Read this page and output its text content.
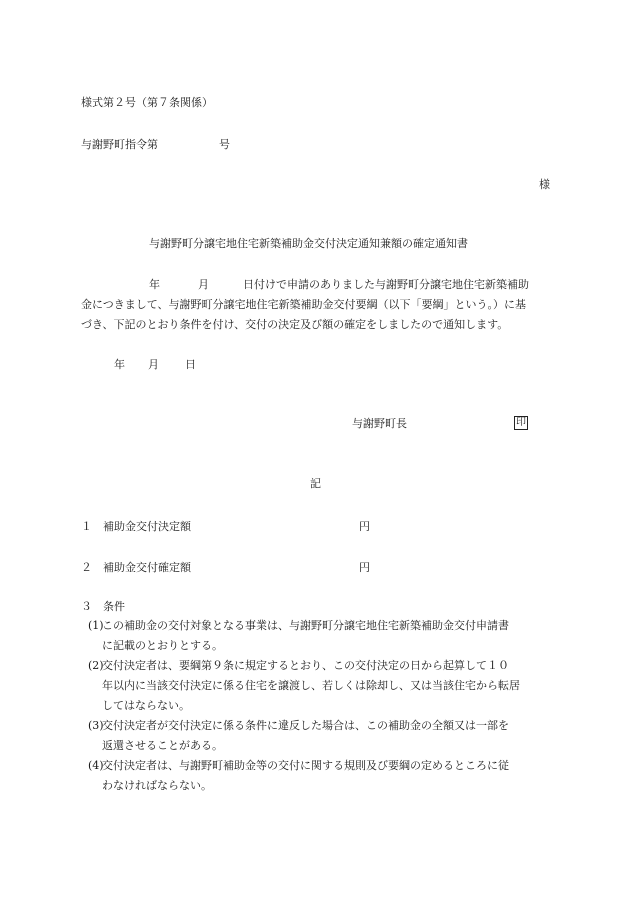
様式第２号（第７条関係）
与謝野町指令第	号
様
与謝野町分譲宅地住宅新築補助金交付決定通知兼額の確定通知書
年	月	日付けで申請のありました与謝野町分譲宅地住宅新築補助
金につきまして、与謝野町分譲宅地住宅新築補助金交付要綱（以下「要綱」という。）に基
づき、下記のとおり条件を付け、交付の決定及び額の確定をしましたので通知します。
年 月 日
与謝野町長	印
記
１ 補助金交付決定額	円
２ 補助金交付確定額	円
３ 条件
(1)
この補助金の交付対象となる事業は、与謝野町分譲宅地住宅新築補助金交付申請書
に記載のとおりとする。
(2)
交付決定者は、要綱第９条に規定するとおり、この交付決定の日から起算して１０
年以内に当該交付決定に係る住宅を譲渡し、若しくは除却し、又は当該住宅から転居
してはならない。
(3)
交付決定者が交付決定に係る条件に違反した場合は、この補助金の全額又は一部を
返還させることがある。
(4)
交付決定者は、与謝野町補助金等の交付に関する規則及び要綱の定めるところに従
わなければならない。
